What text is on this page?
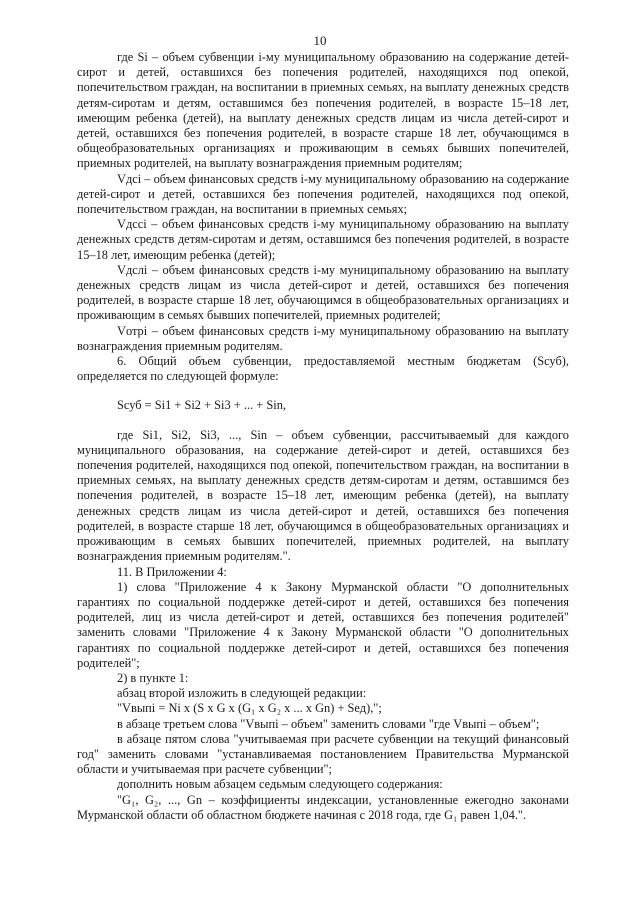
10

где Si – объем субвенции i-му муниципальному образованию на содержание детей-сирот и детей, оставшихся без попечения родителей, находящихся под опекой, попечительством граждан, на воспитании в приемных семьях, на выплату денежных средств детям-сиротам и детям, оставшимся без попечения родителей, в возрасте 15–18 лет, имеющим ребенка (детей), на выплату денежных средств лицам из числа детей-сирот и детей, оставшихся без попечения родителей, в возрасте старше 18 лет, обучающимся в общеобразовательных организациях и проживающим в семьях бывших попечителей, приемных родителей, на выплату вознаграждения приемным родителям;

Vдсi – объем финансовых средств i-му муниципальному образованию на содержание детей-сирот и детей, оставшихся без попечения родителей, находящихся под опекой, попечительством граждан, на воспитании в приемных семьях;

Vдссi – объем финансовых средств i-му муниципальному образованию на выплату денежных средств детям-сиротам и детям, оставшимся без попечения родителей, в возрасте 15–18 лет, имеющим ребенка (детей);

Vдслi – объем финансовых средств i-му муниципальному образованию на выплату денежных средств лицам из числа детей-сирот и детей, оставшихся без попечения родителей, в возрасте старше 18 лет, обучающимся в общеобразовательных организациях и проживающим в семьях бывших попечителей, приемных родителей;

Vотрi – объем финансовых средств i-му муниципальному образованию на выплату вознаграждения приемным родителям.

6. Общий объем субвенции, предоставляемой местным бюджетам (Sсуб), определяется по следующей формуле:

Sсуб = Si1 + Si2 + Si3 + ... + Sin,

где Si1, Si2, Si3, ..., Sin – объем субвенции, рассчитываемый для каждого муниципального образования, на содержание детей-сирот и детей, оставшихся без попечения родителей, находящихся под опекой, попечительством граждан, на воспитании в приемных семьях, на выплату денежных средств детям-сиротам и детям, оставшимся без попечения родителей, в возрасте 15–18 лет, имеющим ребенка (детей), на выплату денежных средств лицам из числа детей-сирот и детей, оставшихся без попечения родителей, в возрасте старше 18 лет, обучающимся в общеобразовательных организациях и проживающим в семьях бывших попечителей, приемных родителей, на выплату вознаграждения приемным родителям.".

11. В Приложении 4:

1) слова "Приложение 4 к Закону Мурманской области "О дополнительных гарантиях по социальной поддержке детей-сирот и детей, оставшихся без попечения родителей, лиц из числа детей-сирот и детей, оставшихся без попечения родителей" заменить словами "Приложение 4 к Закону Мурманской области "О дополнительных гарантиях по социальной поддержке детей-сирот и детей, оставшихся без попечения родителей";

2) в пункте 1:

абзац второй изложить в следующей редакции:

"Vвыпi = Ni x (S x G x (G₁ x G₂ x ... x Gn) + Sед),";

в абзаце третьем слова "Vвыпi – объем" заменить словами "где Vвыпi – объем";

в абзаце пятом слова "учитываемая при расчете субвенции на текущий финансовый год" заменить словами "устанавливаемая постановлением Правительства Мурманской области и учитываемая при расчете субвенции";

дополнить новым абзацем седьмым следующего содержания:

"G₁, G₂, ..., Gn – коэффициенты индексации, установленные ежегодно законами Мурманской области об областном бюджете начиная с 2018 года, где G₁ равен 1,04.".
